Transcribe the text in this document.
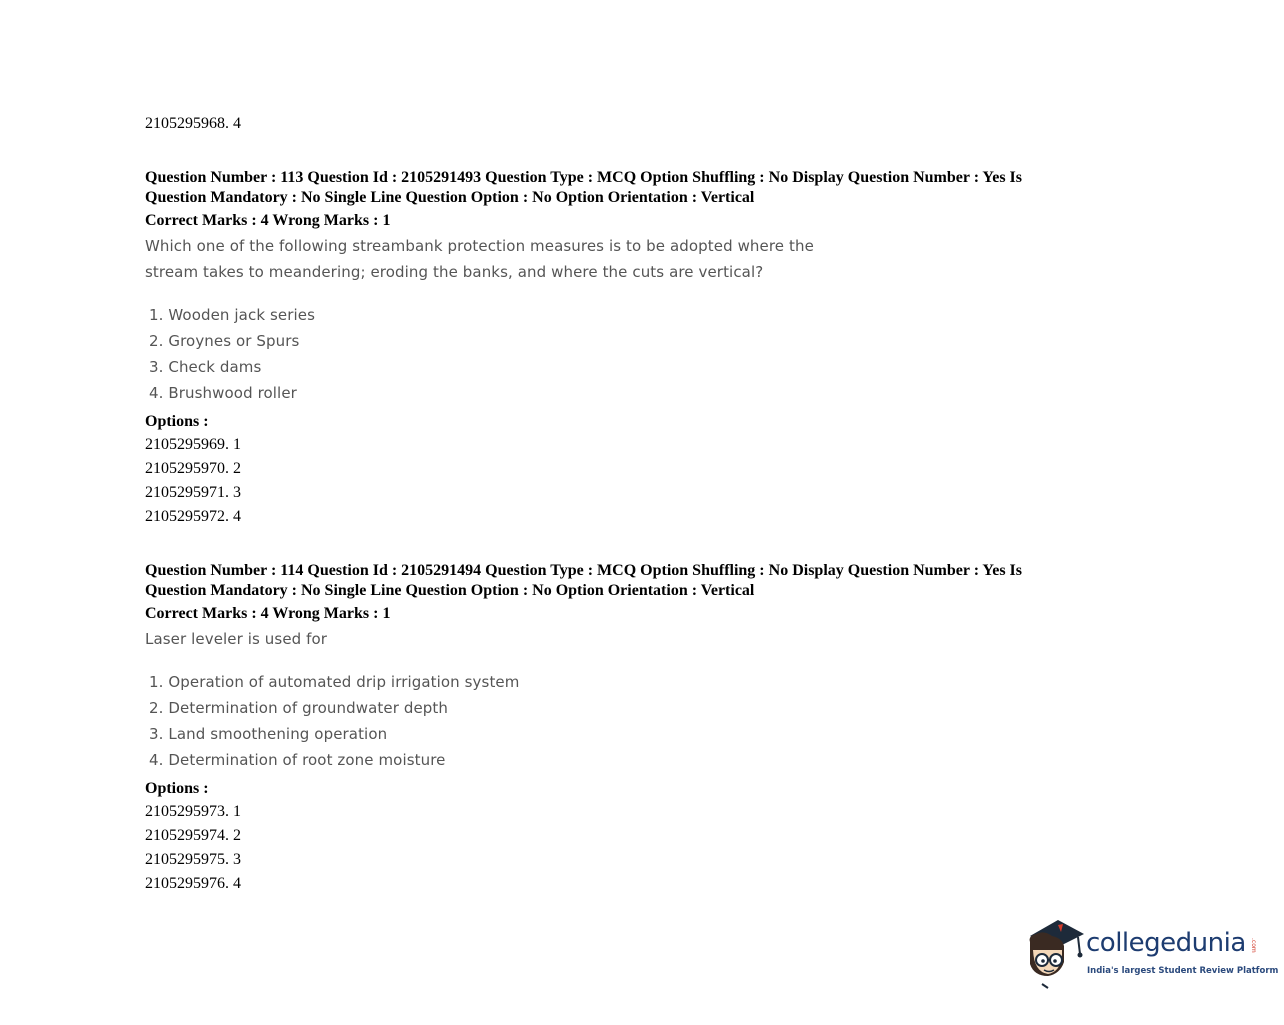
2105295968. 4
Question Number : 113 Question Id : 2105291493 Question Type : MCQ Option Shuffling : No Display Question Number : Yes Is
Question Mandatory : No Single Line Question Option : No Option Orientation : Vertical
Correct Marks : 4 Wrong Marks : 1
Which one of the following streambank protection measures is to be adopted where the
stream takes to meandering; eroding the banks, and where the cuts are vertical?
1. Wooden jack series
2. Groynes or Spurs
3. Check dams
4. Brushwood roller
Options :
2105295969. 1
2105295970. 2
2105295971. 3
2105295972. 4
Question Number : 114 Question Id : 2105291494 Question Type : MCQ Option Shuffling : No Display Question Number : Yes Is
Question Mandatory : No Single Line Question Option : No Option Orientation : Vertical
Correct Marks : 4 Wrong Marks : 1
Laser leveler is used for
1. Operation of automated drip irrigation system
2. Determination of groundwater depth
3. Land smoothening operation
4. Determination of root zone moisture
Options :
2105295973. 1
2105295974. 2
2105295975. 3
2105295976. 4
collegedunia .com
India's largest Student Review Platform
